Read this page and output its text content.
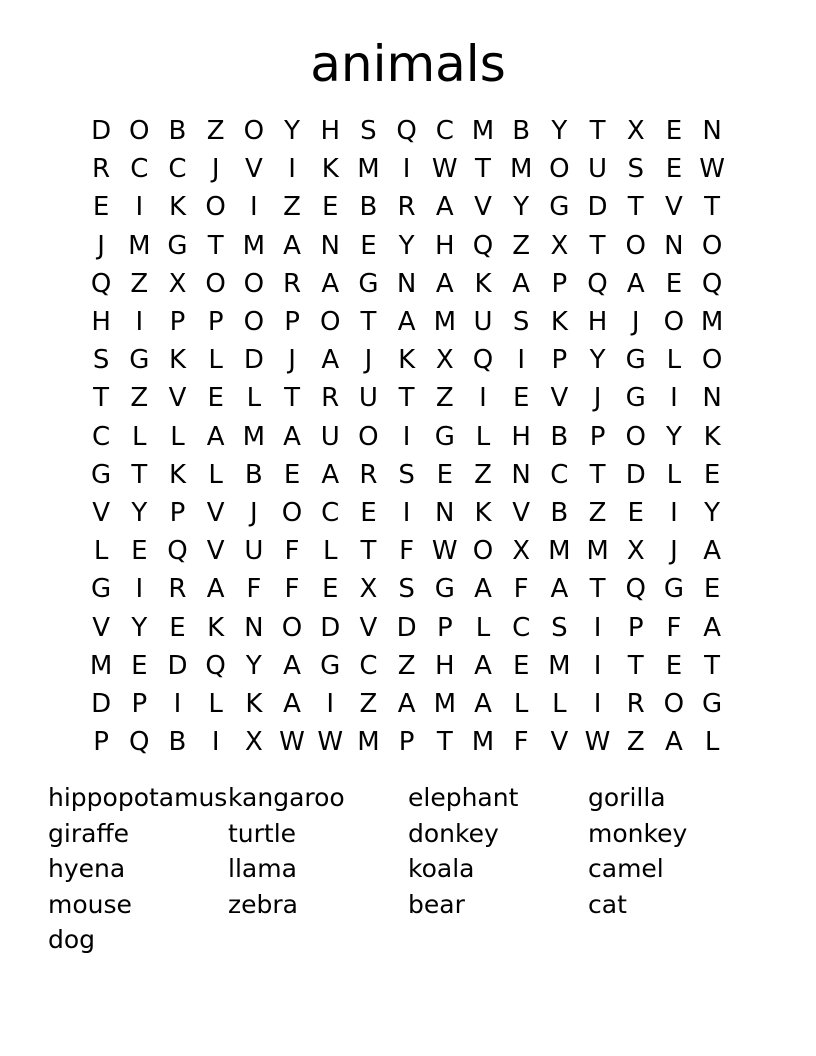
animals
D O B Z O Y H S Q C M B Y T X E N
R C C J V I K M I W T M O U S E W
E	I K O I Z E B R A V Y G D T V T
J M G T M A N E Y H Q Z X T O N O
Q Z X O O R A G N A K A P Q A E Q
H I	P P O P O T A M U S K H J O M
S G K L D J A J K X Q I	P Y G L O
T Z V E L T R U T Z I	E V J G I N
C L L A M A U O I G L H B P O Y K
G T K L B E A R S E Z N C T D L E
V Y P V J O C E	I N K V B Z E	I	Y
L E Q V U F L T F W O X M M X J A
G I R A F F E X S G A F A T Q G E
V Y E K N O D V D P L C S	I	P F A
M E D Q Y A G C Z H A E M I	T E T
D P	I	L K A I Z A M A L L	I R O G
P Q B I X W W M P T M F V W Z A L
hippopotamus kangaroo	elephant	gorilla
giraffe	turtle	donkey	monkey
hyena	llama	koala	camel
mouse	zebra	bear	cat
dog
